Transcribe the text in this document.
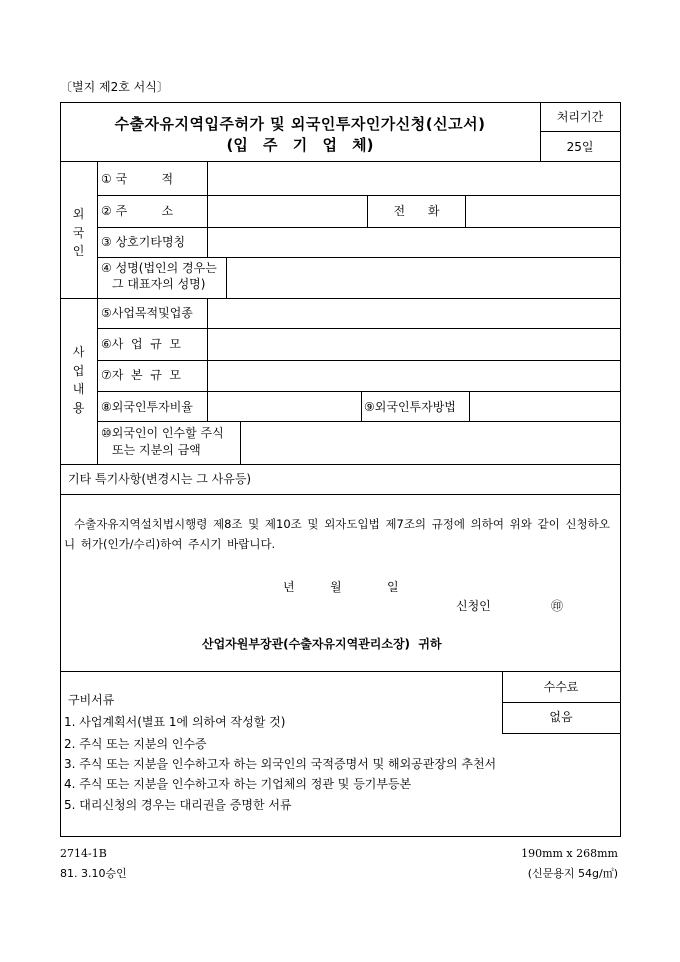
〔별지 제2호 서식〕
수출자유지역입주허가 및 외국인투자인가신청(신고서)
(입 주 기 업 체)
처리기간
25일
외
국
인
① 국         적
② 주         소	전      화
③ 상호기타명칭
④ 성명(법인의 경우는
그 대표자의 성명)
사
업
내
용
⑤사업목적및업종
⑥사  업  규  모
⑦자  본  규  모
⑧외국인투자비율	⑨외국인투자방법
⑩외국인이 인수할 주식
또는 지분의 금액
기타 특기사항(변경시는 그 사유등)
수출자유지역설치법시행령 제8조 및 제10조 및 외자도입법 제7조의 규정에 의하여 위와 같이 신청하오니 허가(인가/수리)하여 주시기 바랍니다.
년	월	일
신청인	㊞
산업자원부장관(수출자유지역관리소장)  귀하
구비서류
1. 사업계획서(별표 1에 의하여 작성할 것)
2. 주식 또는 지분의 인수증
3. 주식 또는 지분을 인수하고자 하는 외국인의 국적증명서 및 해외공관장의 추천서
4. 주식 또는 지분을 인수하고자 하는 기업체의 정관 및 등기부등본
5. 대리신청의 경우는 대리권을 증명한 서류
수수료
없음
2714-1B
81. 3.10승인
190mm x 268mm
(신문용지 54g/㎡)
